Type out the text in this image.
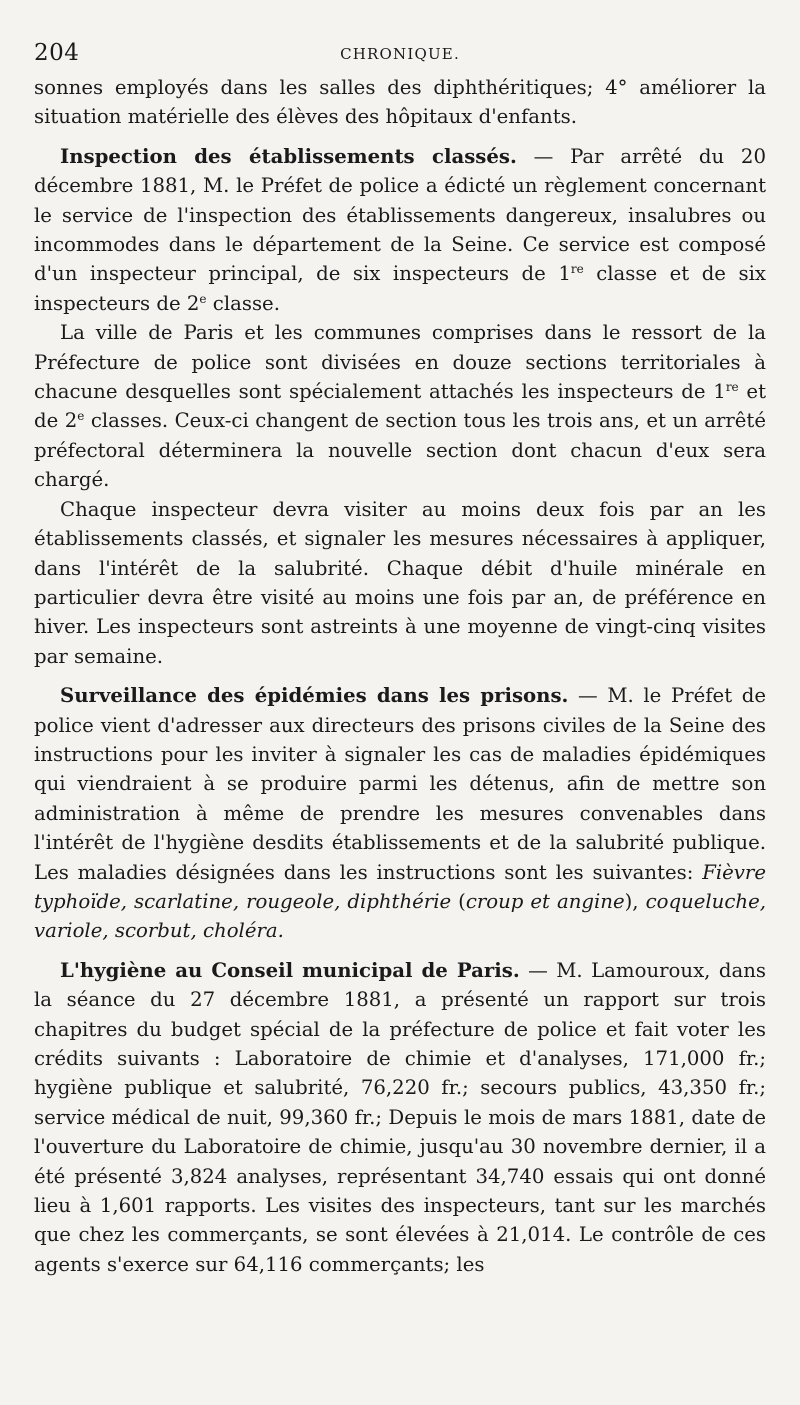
204	CHRONIQUE.

sonnes employés dans les salles des diphthéritiques; 4° améliorer la situation matérielle des élèves des hôpitaux d'enfants.

Inspection des établissements classés. — Par arrêté du 20 décembre 1881, M. le Préfet de police a édicté un règlement concernant le service de l'inspection des établissements dangereux, insalubres ou incommodes dans le département de la Seine. Ce service est composé d'un inspecteur principal, de six inspecteurs de 1re classe et de six inspecteurs de 2e classe.

La ville de Paris et les communes comprises dans le ressort de la Préfecture de police sont divisées en douze sections territoriales à chacune desquelles sont spécialement attachés les inspecteurs de 1re et de 2e classes. Ceux-ci changent de section tous les trois ans, et un arrêté préfectoral déterminera la nouvelle section dont chacun d'eux sera chargé.

Chaque inspecteur devra visiter au moins deux fois par an les établissements classés, et signaler les mesures nécessaires à appliquer, dans l'intérêt de la salubrité. Chaque débit d'huile minérale en particulier devra être visité au moins une fois par an, de préférence en hiver. Les inspecteurs sont astreints à une moyenne de vingt-cinq visites par semaine.

Surveillance des épidémies dans les prisons. — M. le Préfet de police vient d'adresser aux directeurs des prisons civiles de la Seine des instructions pour les inviter à signaler les cas de maladies épidémiques qui viendraient à se produire parmi les détenus, afin de mettre son administration à même de prendre les mesures convenables dans l'intérêt de l'hygiène desdits établissements et de la salubrité publique. Les maladies désignées dans les instructions sont les suivantes: Fièvre typhoïde, scarlatine, rougeole, diphthérie (croup et angine), coqueluche, variole, scorbut, choléra.

L'hygiène au Conseil municipal de Paris. — M. Lamouroux, dans la séance du 27 décembre 1881, a présenté un rapport sur trois chapitres du budget spécial de la préfecture de police et fait voter les crédits suivants : Laboratoire de chimie et d'analyses, 171,000 fr.; hygiène publique et salubrité, 76,220 fr.; secours publics, 43,350 fr.; service médical de nuit, 99,360 fr.; Depuis le mois de mars 1881, date de l'ouverture du Laboratoire de chimie, jusqu'au 30 novembre dernier, il a été présenté 3,824 analyses, représentant 34,740 essais qui ont donné lieu à 1,601 rapports. Les visites des inspecteurs, tant sur les marchés que chez les commerçants, se sont élevées à 21,014. Le contrôle de ces agents s'exerce sur 64,116 commerçants; les
